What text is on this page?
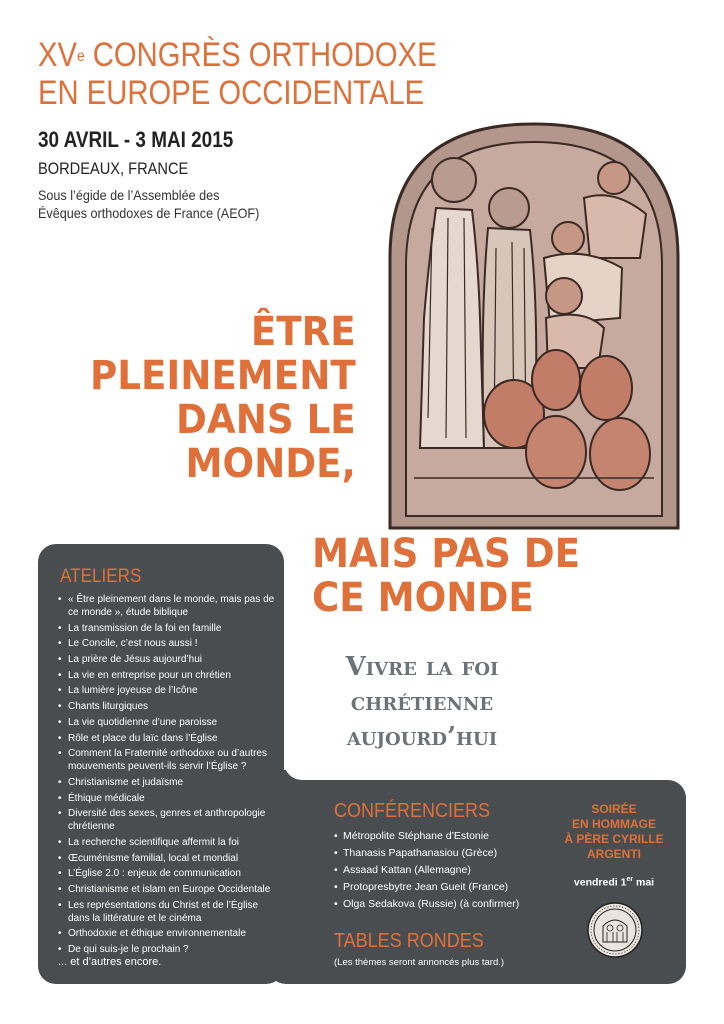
XVe CONGRÈS ORTHODOXE
EN EUROPE OCCIDENTALE
30 AVRIL - 3 MAI 2015
BORDEAUX, FRANCE
Sous l’égide de l’Assemblée des
Évêques orthodoxes de France (AEOF)
ÊTRE
PLEINEMENT
DANS LE
MONDE,
MAIS PAS DE
CE MONDE
Vivre la foi
chrétienne
aujourd’hui
ATELIERS
• « Être pleinement dans le monde, mais pas de ce monde », étude biblique
• La transmission de la foi en famille
• Le Concile, c’est nous aussi !
• La prière de Jésus aujourd’hui
• La vie en entreprise pour un chrétien
• La lumière joyeuse de l’Icône
• Chants liturgiques
• La vie quotidienne d’une paroisse
• Rôle et place du laïc dans l’Église
• Comment la Fraternité orthodoxe ou d’autres mouvements peuvent-ils servir l’Église ?
• Christianisme et judaïsme
• Éthique médicale
• Diversité des sexes, genres et anthropologie chrétienne
• La recherche scientifique affermit la foi
• Œcuménisme familial, local et mondial
• L’Église 2.0 : enjeux de communication
• Christianisme et islam en Europe Occidentale
• Les représentations du Christ et de l’Église dans la littérature et le cinéma
• Orthodoxie et éthique environnementale
• De qui suis-je le prochain ?
... et d’autres encore.
CONFÉRENCIERS
• Métropolite Stéphane d’Estonie
• Thanasis Papathanasiou (Grèce)
• Assaad Kattan (Allemagne)
• Protopresbytre Jean Gueit (France)
• Olga Sedakova (Russie) (à confirmer)
TABLES RONDES
(Les thèmes seront annoncés plus tard.)
SOIRÉE
EN HOMMAGE
À PÈRE CYRILLE
ARGENTI
vendredi 1er mai
